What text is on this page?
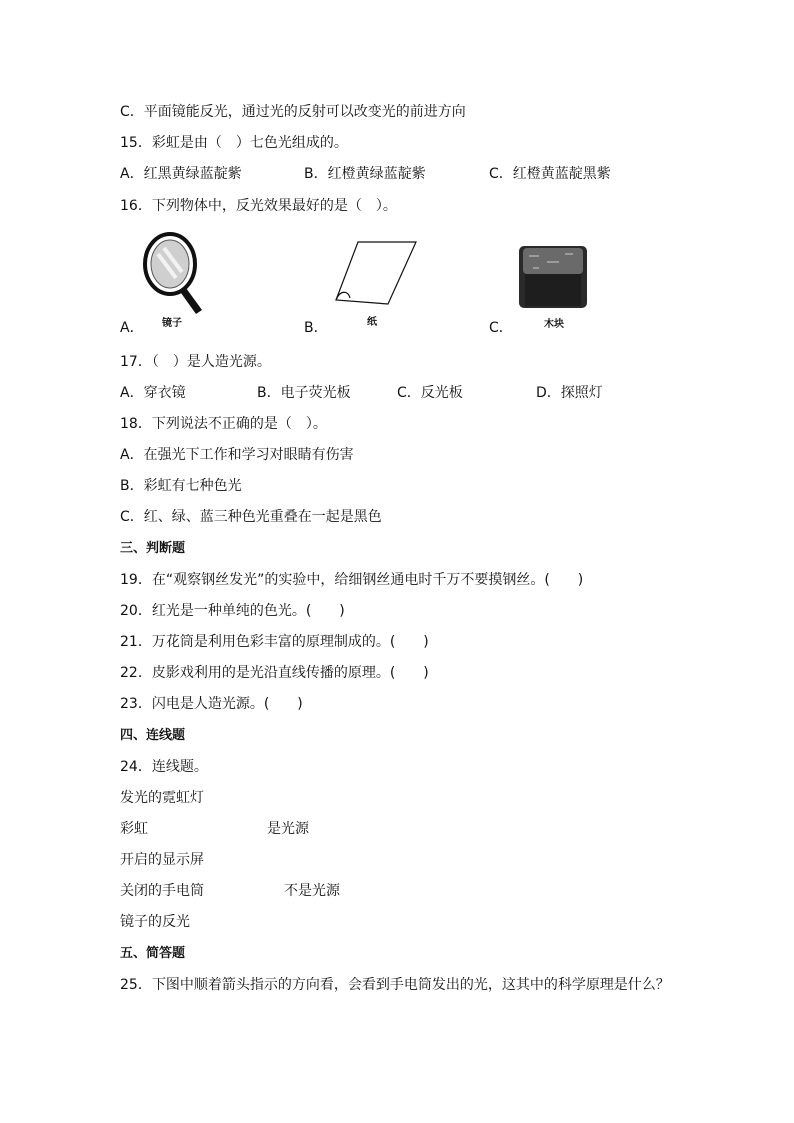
C．平面镜能反光，通过光的反射可以改变光的前进方向
15．彩虹是由（　）七色光组成的。
A．红黑黄绿蓝靛紫	B．红橙黄绿蓝靛紫	C．红橙黄蓝靛黑紫
16．下列物体中，反光效果最好的是（　）。
A． 镜子	B．	纸	C．	木块
17．（　）是人造光源。
A．穿衣镜	B．电子荧光板	C．反光板	D．探照灯
18．下列说法不正确的是（　）。
A．在强光下工作和学习对眼睛有伤害
B．彩虹有七种色光
C．红、绿、蓝三种色光重叠在一起是黑色
三、判断题
19．在“观察钢丝发光”的实验中，给细钢丝通电时千万不要摸钢丝。(　　)
20．红光是一种单纯的色光。(　　)
21．万花筒是利用色彩丰富的原理制成的。(　　)
22．皮影戏利用的是光沿直线传播的原理。(　　)
23．闪电是人造光源。(　　)
四、连线题
24．连线题。
发光的霓虹灯
彩虹	是光源
开启的显示屏
关闭的手电筒	不是光源
镜子的反光
五、简答题
25．下图中顺着箭头指示的方向看，会看到手电筒发出的光，这其中的科学原理是什么？
